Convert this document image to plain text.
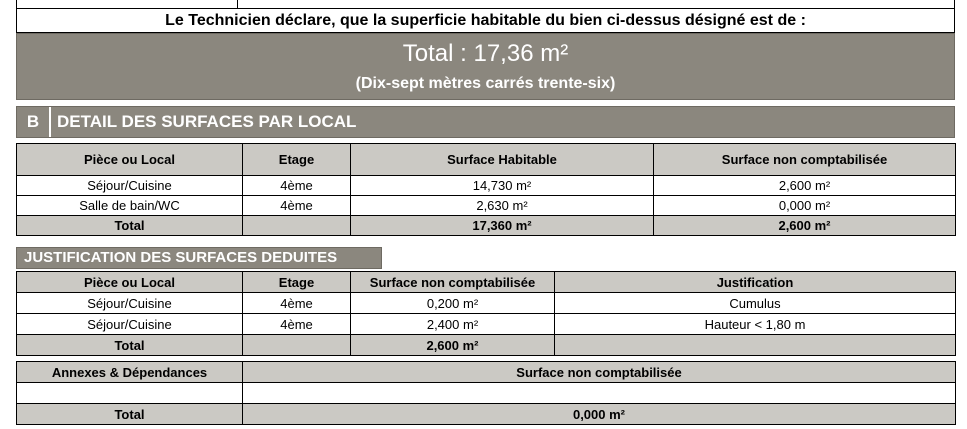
Le Technicien déclare, que la superficie habitable du bien ci-dessus désigné est de :
Total : 17,36 m²
(Dix-sept mètres carrés trente-six)
B	DETAIL DES SURFACES PAR LOCAL
Pièce ou Local	Etage	Surface Habitable	Surface non comptabilisée
Séjour/Cuisine	4ème	14,730 m²	2,600 m²
Salle de bain/WC	4ème	2,630 m²	0,000 m²
Total		17,360 m²	2,600 m²
JUSTIFICATION DES SURFACES DEDUITES
Pièce ou Local	Etage	Surface non comptabilisée	Justification
Séjour/Cuisine	4ème	0,200 m²	Cumulus
Séjour/Cuisine	4ème	2,400 m²	Hauteur < 1,80 m
Total		2,600 m²	
Annexes & Dépendances	Surface non comptabilisée

Total	0,000 m²
